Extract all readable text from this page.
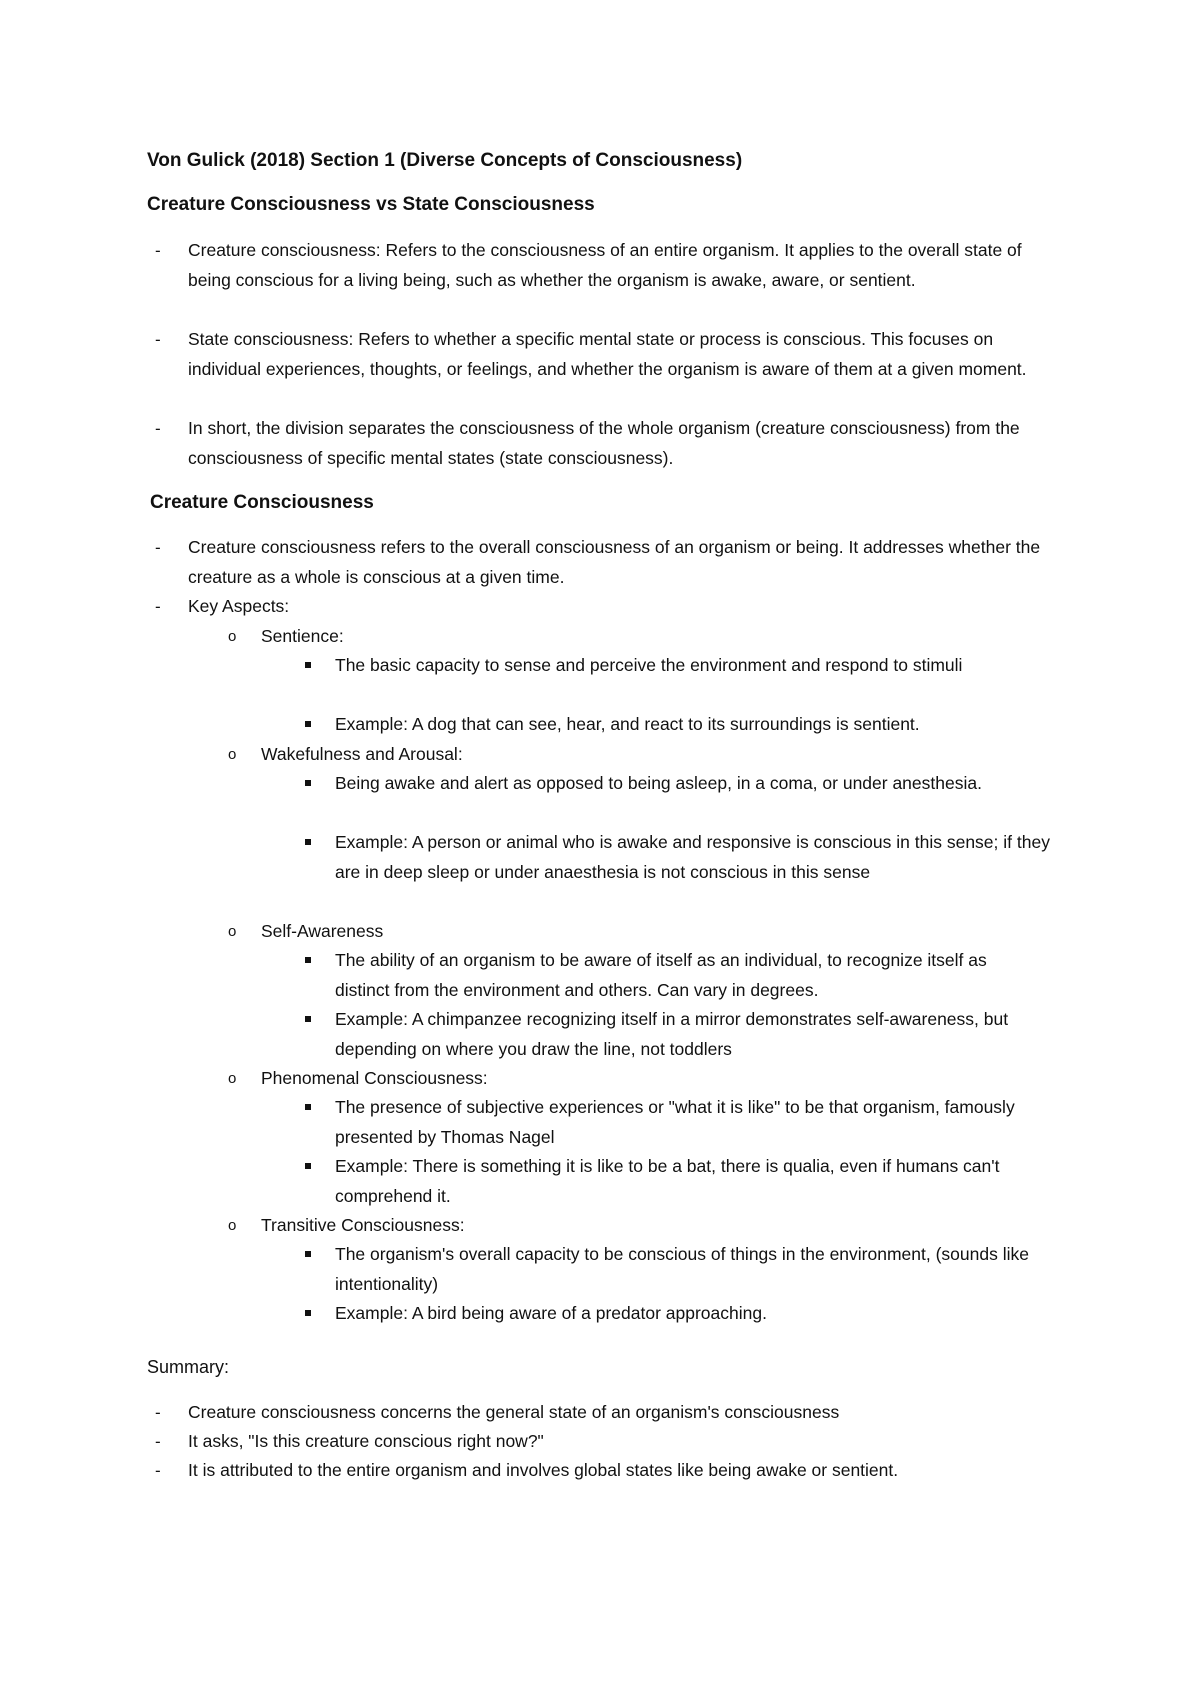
Von Gulick (2018) Section 1 (Diverse Concepts of Consciousness)
Creature Consciousness vs State Consciousness
- Creature consciousness: Refers to the consciousness of an entire organism. It applies to the overall state of being conscious for a living being, such as whether the organism is awake, aware, or sentient.
- State consciousness: Refers to whether a specific mental state or process is conscious. This focuses on individual experiences, thoughts, or feelings, and whether the organism is aware of them at a given moment.
- In short, the division separates the consciousness of the whole organism (creature consciousness) from the consciousness of specific mental states (state consciousness).
Creature Consciousness
- Creature consciousness refers to the overall consciousness of an organism or being. It addresses whether the creature as a whole is conscious at a given time.
- Key Aspects:
o Sentience:
The basic capacity to sense and perceive the environment and respond to stimuli
Example: A dog that can see, hear, and react to its surroundings is sentient.
o Wakefulness and Arousal:
Being awake and alert as opposed to being asleep, in a coma, or under anesthesia.
Example: A person or animal who is awake and responsive is conscious in this sense; if they are in deep sleep or under anaesthesia is not conscious in this sense
o Self-Awareness
The ability of an organism to be aware of itself as an individual, to recognize itself as distinct from the environment and others. Can vary in degrees.
Example: A chimpanzee recognizing itself in a mirror demonstrates self-awareness, but depending on where you draw the line, not toddlers
o Phenomenal Consciousness:
The presence of subjective experiences or "what it is like" to be that organism, famously presented by Thomas Nagel
Example: There is something it is like to be a bat, there is qualia, even if humans can't comprehend it.
o Transitive Consciousness:
The organism's overall capacity to be conscious of things in the environment, (sounds like intentionality)
Example: A bird being aware of a predator approaching.
Summary:
- Creature consciousness concerns the general state of an organism's consciousness
- It asks, "Is this creature conscious right now?"
- It is attributed to the entire organism and involves global states like being awake or sentient.
